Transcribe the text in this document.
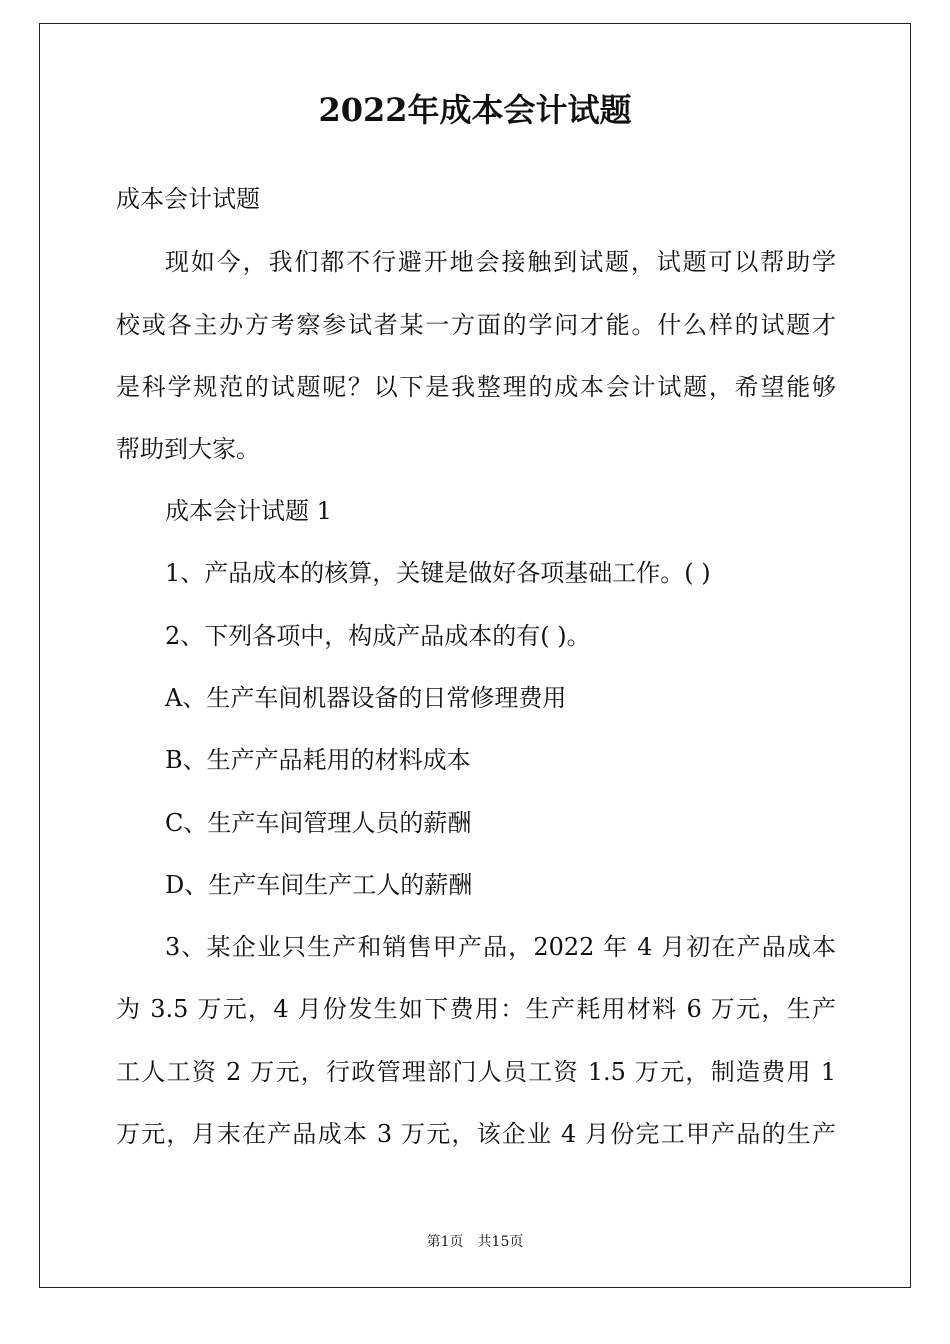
2022年成本会计试题
成本会计试题
现如今，我们都不行避开地会接触到试题，试题可以帮助学
校或各主办方考察参试者某一方面的学问才能。什么样的试题才
是科学规范的试题呢？以下是我整理的成本会计试题，希望能够
帮助到大家。
成本会计试题 1
1、产品成本的核算，关键是做好各项基础工作。( )
2、下列各项中，构成产品成本的有( )。
A、生产车间机器设备的日常修理费用
B、生产产品耗用的材料成本
C、生产车间管理人员的薪酬
D、生产车间生产工人的薪酬
3、某企业只生产和销售甲产品，2022 年 4 月初在产品成本
为 3.5 万元，4 月份发生如下费用：生产耗用材料 6 万元，生产
工人工资 2 万元，行政管理部门人员工资 1.5 万元，制造费用 1
万元，月末在产品成本 3 万元，该企业 4 月份完工甲产品的生产
第1页　共15页
